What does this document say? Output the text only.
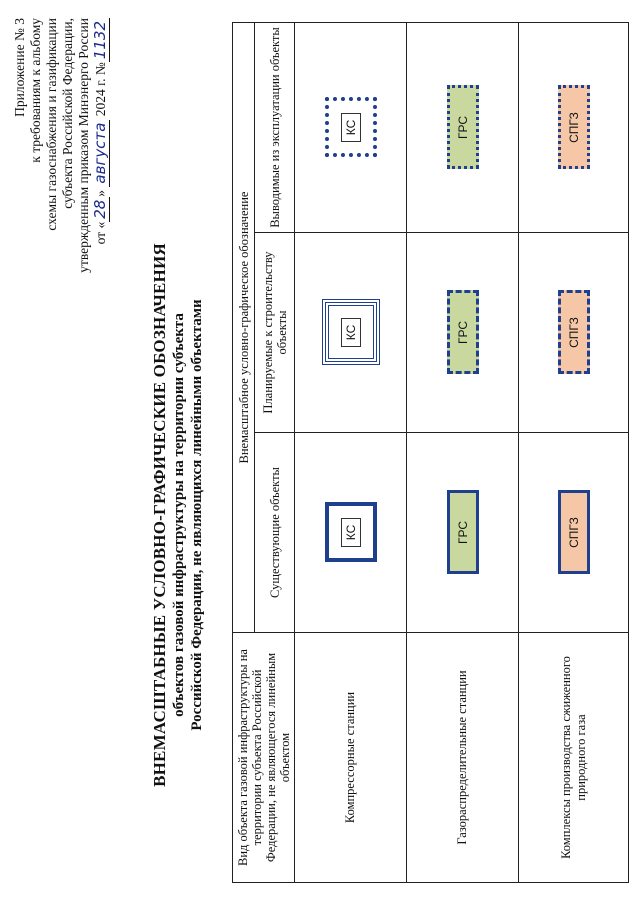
Приложение № 3 к требованиям к альбому схемы газоснабжения и газификации субъекта Российской Федерации, утвержденным приказом Минэнерго России от «28» августа 2024 г. №1132
ВНЕМАСШТАБНЫЕ УСЛОВНО-ГРАФИЧЕСКИЕ ОБОЗНАЧЕНИЯ объектов газовой инфраструктуры на территории субъекта Российской Федерации, не являющихся линейными объектами
Вид объекта газовой инфраструктуры на территории субъекта Российской Федерации, не являющегося линейным объектом	Внемасштабное условно-графическое обозначение		
	Существующие объекты	Планируемые к строительству объекты	Выводимые из эксплуатации объекты
Компрессорные станции	КС	КС	КС

Газораспределительные станции	ГРС	ГРС	ГРС
Комплексы производства сжиженного природного газа	СПГЗ	СПГЗ	СПГЗ
